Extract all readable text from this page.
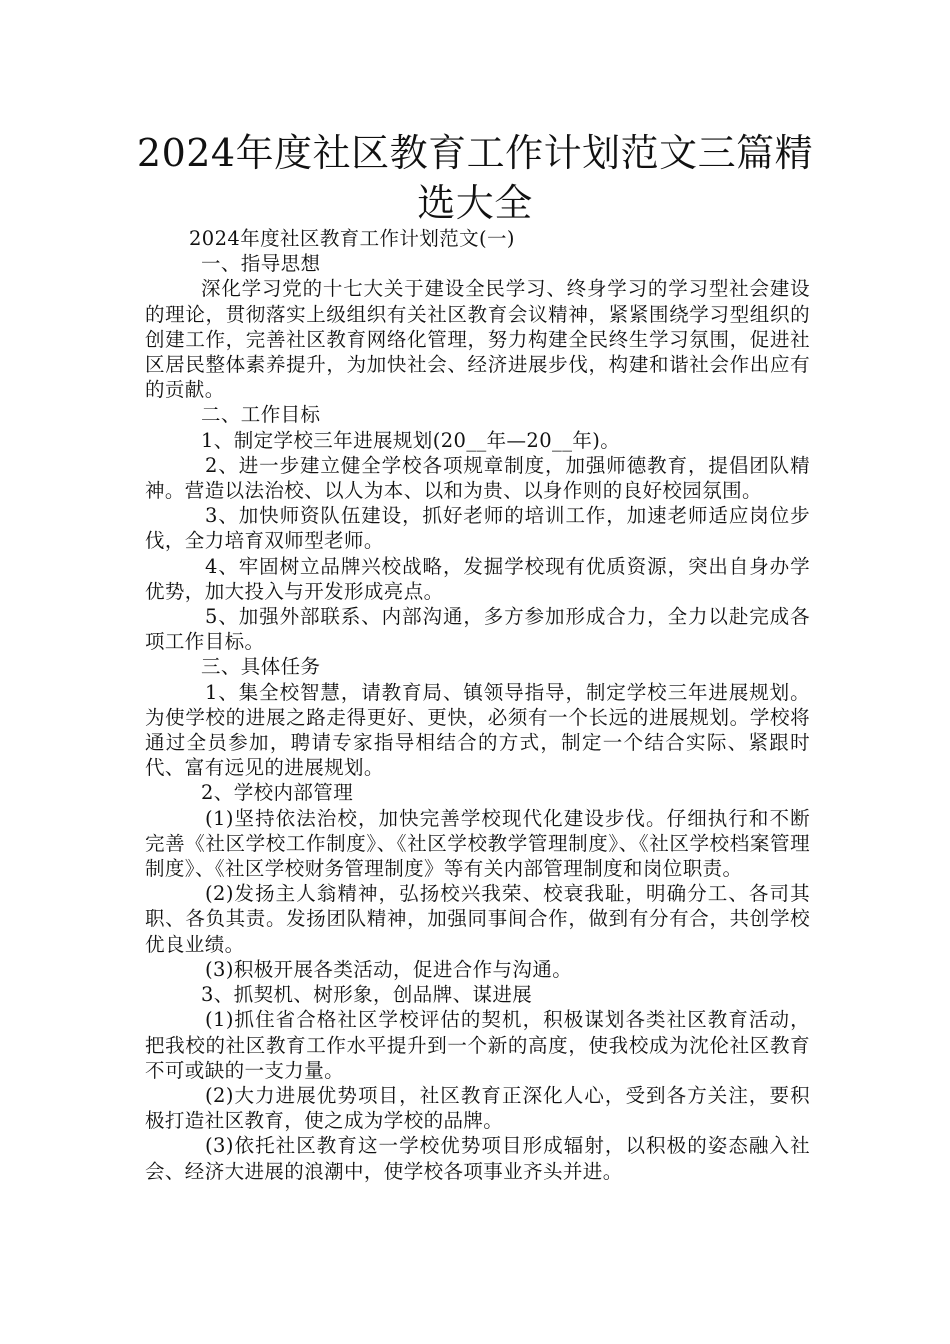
2024年度社区教育工作计划范文三篇精选大全

2024年度社区教育工作计划范文(一)

一、指导思想

深化学习党的十七大关于建设全民学习、终身学习的学习型社会建设的理论，贯彻落实上级组织有关社区教育会议精神，紧紧围绕学习型组织的创建工作，完善社区教育网络化管理，努力构建全民终生学习氛围，促进社区居民整体素养提升，为加快社会、经济进展步伐，构建和谐社会作出应有的贡献。

二、工作目标

1、制定学校三年进展规划(20__年—20__年)。

2、进一步建立健全学校各项规章制度，加强师德教育，提倡团队精神。营造以法治校、以人为本、以和为贵、以身作则的良好校园氛围。

3、加快师资队伍建设，抓好老师的培训工作，加速老师适应岗位步伐，全力培育双师型老师。

4、牢固树立品牌兴校战略，发掘学校现有优质资源，突出自身办学优势，加大投入与开发形成亮点。

5、加强外部联系、内部沟通，多方参加形成合力，全力以赴完成各项工作目标。

三、具体任务

1、集全校智慧，请教育局、镇领导指导，制定学校三年进展规划。为使学校的进展之路走得更好、更快，必须有一个长远的进展规划。学校将通过全员参加，聘请专家指导相结合的方式，制定一个结合实际、紧跟时代、富有远见的进展规划。

2、学校内部管理

(1)坚持依法治校，加快完善学校现代化建设步伐。仔细执行和不断完善《社区学校工作制度》、《社区学校教学管理制度》、《社区学校档案管理制度》、《社区学校财务管理制度》等有关内部管理制度和岗位职责。

(2)发扬主人翁精神，弘扬校兴我荣、校衰我耻，明确分工、各司其职、各负其责。发扬团队精神，加强同事间合作，做到有分有合，共创学校优良业绩。

(3)积极开展各类活动，促进合作与沟通。

3、抓契机、树形象，创品牌、谋进展

(1)抓住省合格社区学校评估的契机，积极谋划各类社区教育活动，把我校的社区教育工作水平提升到一个新的高度，使我校成为沈伦社区教育不可或缺的一支力量。

(2)大力进展优势项目，社区教育正深化人心，受到各方关注，要积极打造社区教育，使之成为学校的品牌。

(3)依托社区教育这一学校优势项目形成辐射，以积极的姿态融入社会、经济大进展的浪潮中，使学校各项事业齐头并进。
